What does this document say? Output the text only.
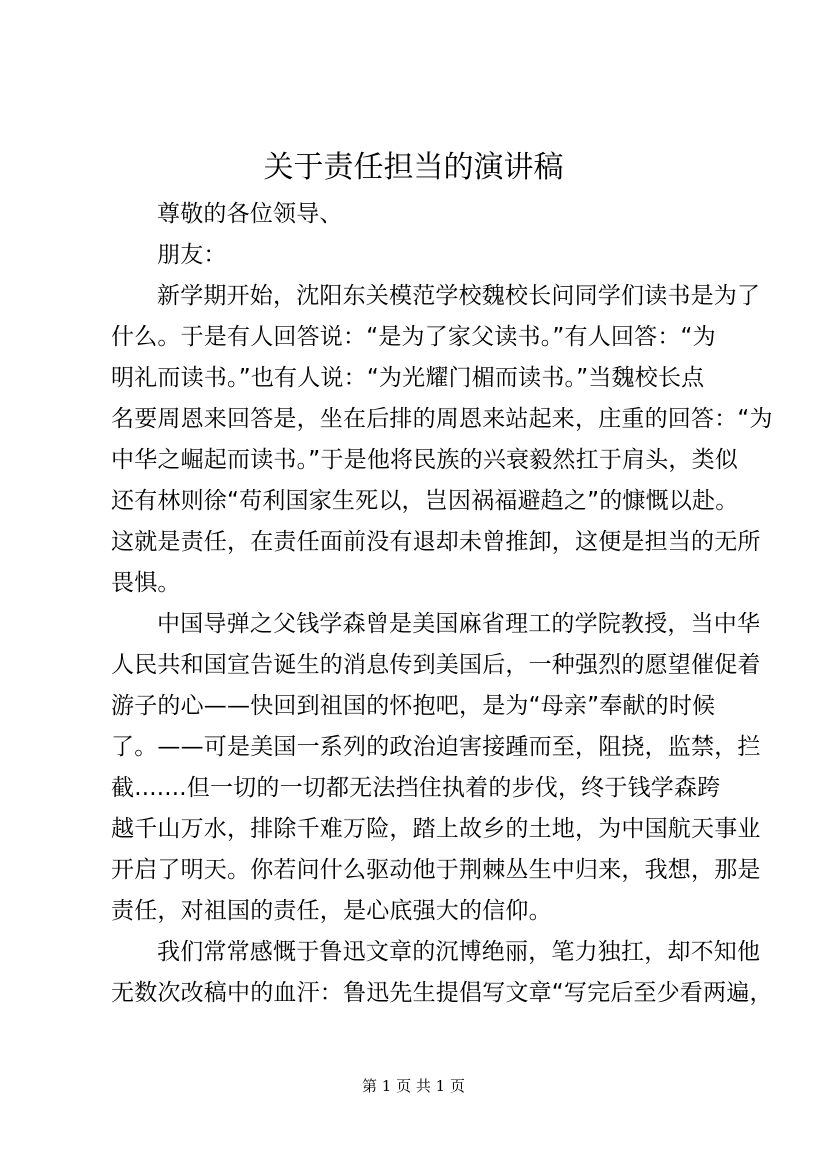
关于责任担当的演讲稿
尊敬的各位领导、
朋友：
新学期开始，沈阳东关模范学校魏校长问同学们读书是为了
什么。于是有人回答说：“是为了家父读书。”有人回答：“为
明礼而读书。”也有人说：“为光耀门楣而读书。”当魏校长点
名要周恩来回答是，坐在后排的周恩来站起来，庄重的回答：“为
中华之崛起而读书。”于是他将民族的兴衰毅然扛于肩头，类似
还有林则徐“苟利国家生死以，岂因祸福避趋之”的慷慨以赴。
这就是责任，在责任面前没有退却未曾推卸，这便是担当的无所
畏惧。
中国导弹之父钱学森曾是美国麻省理工的学院教授，当中华
人民共和国宣告诞生的消息传到美国后，一种强烈的愿望催促着
游子的心——快回到祖国的怀抱吧，是为“母亲”奉献的时候
了。——可是美国一系列的政治迫害接踵而至，阻挠，监禁，拦
截.......但一切的一切都无法挡住执着的步伐，终于钱学森跨
越千山万水，排除千难万险，踏上故乡的土地，为中国航天事业
开启了明天。你若问什么驱动他于荆棘丛生中归来，我想，那是
责任，对祖国的责任，是心底强大的信仰。
我们常常感慨于鲁迅文章的沉博绝丽，笔力独扛，却不知他
无数次改稿中的血汗：鲁迅先生提倡写文章“写完后至少看两遍，
第 1 页 共 1 页
